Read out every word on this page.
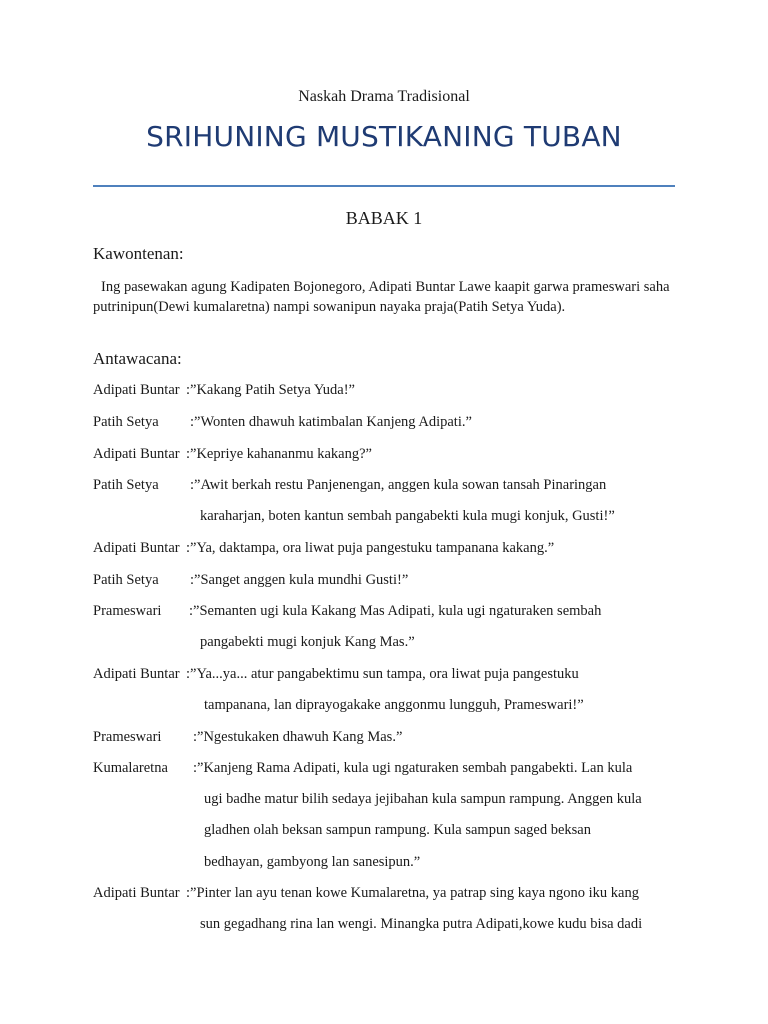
Naskah Drama Tradisional
SRIHUNING MUSTIKANING TUBAN
BABAK 1
Kawontenan:
Ing pasewakan agung Kadipaten Bojonegoro, Adipati Buntar Lawe kaapit garwa prameswari saha putrinipun(Dewi kumalaretna) nampi sowanipun nayaka praja(Patih Setya Yuda).
Antawacana:
Adipati Buntar :”Kakang Patih Setya Yuda!”
Patih Setya :”Wonten dhawuh katimbalan Kanjeng Adipati.”
Adipati Buntar :”Kepriye kahananmu kakang?”
Patih Setya :”Awit berkah restu Panjenengan, anggen kula sowan tansah Pinaringan
karaharjan, boten kantun sembah pangabekti kula mugi konjuk, Gusti!”
Adipati Buntar :”Ya, daktampa, ora liwat puja pangestuku tampanana kakang.”
Patih Setya :”Sanget anggen kula mundhi Gusti!”
Prameswari :”Semanten ugi kula Kakang Mas Adipati, kula ugi ngaturaken sembah
pangabekti mugi konjuk Kang Mas.”
Adipati Buntar :”Ya...ya... atur pangabektimu sun tampa, ora liwat puja pangestuku
tampanana, lan diprayogakake anggonmu lungguh, Prameswari!”
Prameswari :”Ngestukaken dhawuh Kang Mas.”
Kumalaretna :”Kanjeng Rama Adipati, kula ugi ngaturaken sembah pangabekti. Lan kula
ugi badhe matur bilih sedaya jejibahan kula sampun rampung. Anggen kula
gladhen olah beksan sampun rampung. Kula sampun saged beksan
bedhayan, gambyong lan sanesipun.”
Adipati Buntar :”Pinter lan ayu tenan kowe Kumalaretna, ya patrap sing kaya ngono iku kang
sun gegadhang rina lan wengi. Minangka putra Adipati,kowe kudu bisa dadi
